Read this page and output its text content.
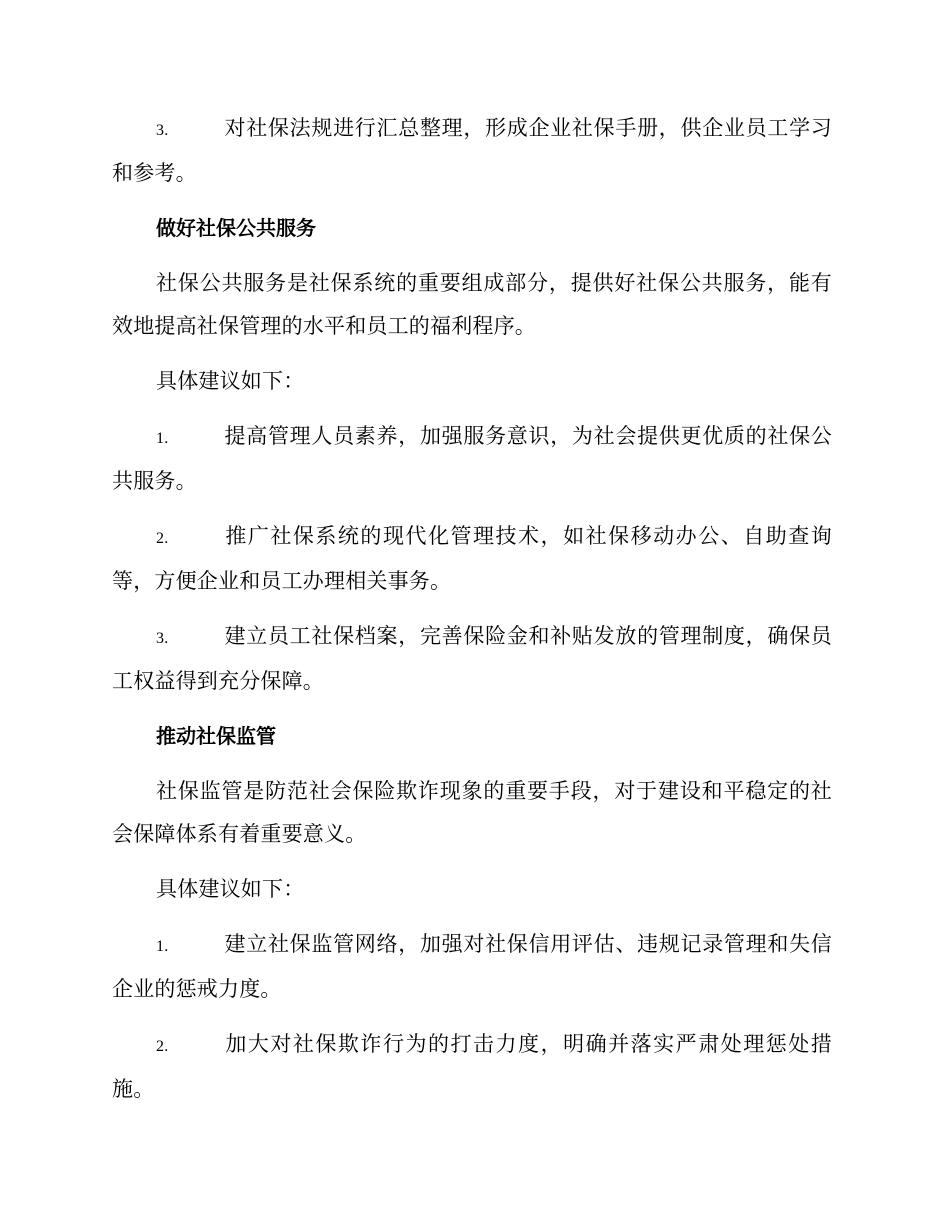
3.	对社保法规进行汇总整理，形成企业社保手册，供企业员工学习和参考。

做好社保公共服务

社保公共服务是社保系统的重要组成部分，提供好社保公共服务，能有效地提高社保管理的水平和员工的福利程序。

具体建议如下：

1.	提高管理人员素养，加强服务意识，为社会提供更优质的社保公共服务。

2.	推广社保系统的现代化管理技术，如社保移动办公、自助查询等，方便企业和员工办理相关事务。

3.	建立员工社保档案，完善保险金和补贴发放的管理制度，确保员工权益得到充分保障。

推动社保监管

社保监管是防范社会保险欺诈现象的重要手段，对于建设和平稳定的社会保障体系有着重要意义。

具体建议如下：

1.	建立社保监管网络，加强对社保信用评估、违规记录管理和失信企业的惩戒力度。

2.	加大对社保欺诈行为的打击力度，明确并落实严肃处理惩处措施。
